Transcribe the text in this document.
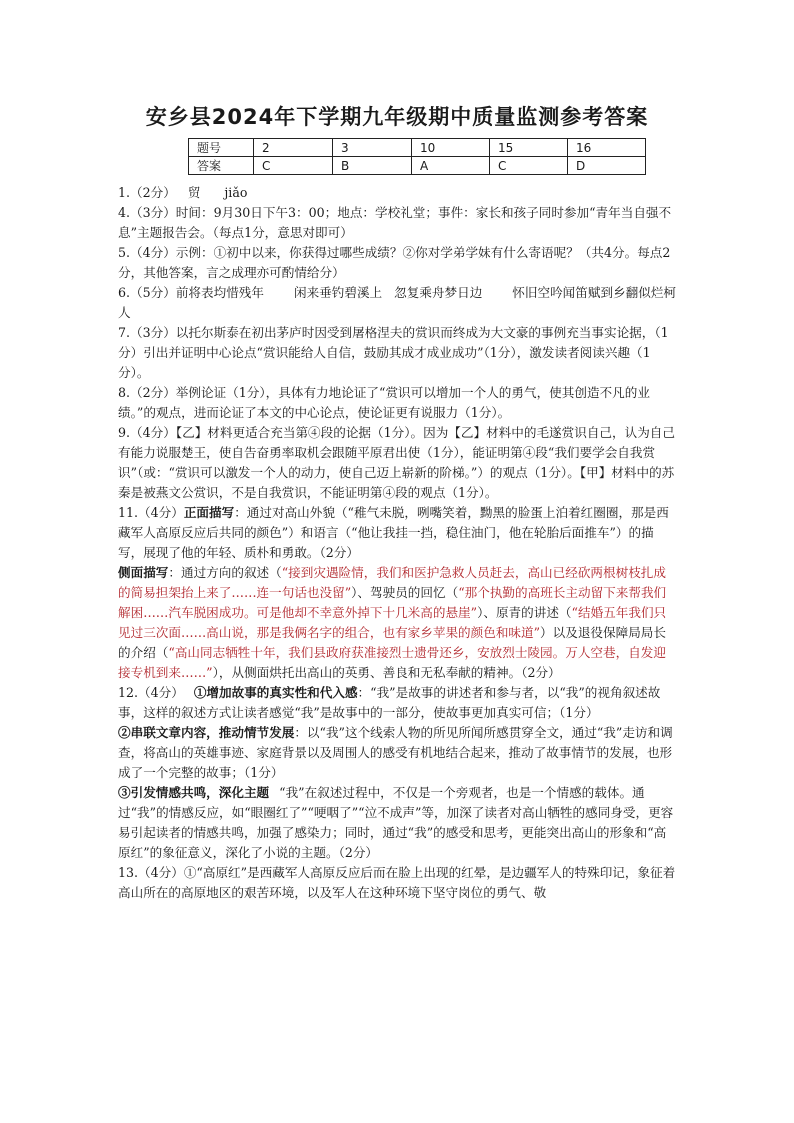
安乡县2024年下学期九年级期中质量监测参考答案
题号	2	3	10	15	16
答案	C	B	A	C	D

1.（2分） 贸 jiǎo

4.（3分）时间：9月30日下午3：00；地点：学校礼堂；事件：家长和孩子同时参加“青年当自强不息”主题报告会。（每点1分，意思对即可）

5.（4分）示例：①初中以来，你获得过哪些成绩？②你对学弟学妹有什么寄语呢？（共4分。每点2分，其他答案，言之成理亦可酌情给分）

6.（5分）前将表均惜残年 闲来垂钓碧溪上 忽复乘舟梦日边 怀旧空吟闻笛赋到乡翻似烂柯人

7.（3分）以托尔斯泰在初出茅庐时因受到屠格涅夫的赏识而终成为大文豪的事例充当事实论据，（1分）引出并证明中心论点“赏识能给人自信，鼓励其成才成业成功”（1分），激发读者阅读兴趣（1分）。

8.（2分）举例论证（1分），具体有力地论证了“赏识可以增加一个人的勇气，使其创造不凡的业绩。”的观点，进而论证了本文的中心论点，使论证更有说服力（1分）。

9.（4分）【乙】材料更适合充当第④段的论据（1分）。因为【乙】材料中的毛遂赏识自己，认为自己有能力说服楚王，使自告奋勇率取机会跟随平原君出使（1分），能证明第④段“我们要学会自我赏识”（或：“赏识可以激发一个人的动力，使自己迈上崭新的阶梯。”）的观点（1分）。【甲】材料中的苏秦是被燕文公赏识，不是自我赏识，不能证明第④段的观点（1分）。

11.（4分）正面描写：通过对高山外貌（“稚气未脱，咧嘴笑着，黝黑的脸蛋上泊着红圈圈，那是西藏军人高原反应后共同的颜色”）和语言（“他让我挂一挡，稳住油门，他在轮胎后面推车”）的描写，展现了他的年轻、质朴和勇敢。（2分）

侧面描写：通过方向的叙述（“接到灾遇险情，我们和医护急救人员赶去，高山已经砍两根树枝扎成的简易担架抬上来了……连一句话也没留”）、驾驶员的回忆（“那个执勤的高班长主动留下来帮我们解困……汽车脱困成功。可是他却不幸意外掉下十几米高的悬崖”）、原青的讲述（“结婚五年我们只见过三次面……高山说，那是我俩名字的组合，也有家乡苹果的颜色和味道”）以及退役保障局局长的介绍（“高山同志牺牲十年，我们县政府获准接烈士遗骨还乡，安放烈士陵园。万人空巷，自发迎接专机到来……”），从侧面烘托出高山的英勇、善良和无私奉献的精神。（2分）

12.（4分） ①增加故事的真实性和代入感：“我”是故事的讲述者和参与者，以“我”的视角叙述故事，这样的叙述方式让读者感觉“我”是故事中的一部分，使故事更加真实可信；（1分）

②串联文章内容，推动情节发展：以“我”这个线索人物的所见所闻所感贯穿全文，通过“我”走访和调查，将高山的英雄事迹、家庭背景以及周围人的感受有机地结合起来，推动了故事情节的发展，也形成了一个完整的故事；（1分）

③引发情感共鸣，深化主题 “我”在叙述过程中，不仅是一个旁观者，也是一个情感的载体。通过“我”的情感反应，如“眼圈红了”“哽咽了”“泣不成声”等，加深了读者对高山牺牲的感同身受，更容易引起读者的情感共鸣，加强了感染力；同时，通过“我”的感受和思考，更能突出高山的形象和“高原红”的象征意义，深化了小说的主题。（2分）

13.（4分）①“高原红”是西藏军人高原反应后而在脸上出现的红晕，是边疆军人的特殊印记，象征着高山所在的高原地区的艰苦环境，以及军人在这种环境下坚守岗位的勇气、敬
